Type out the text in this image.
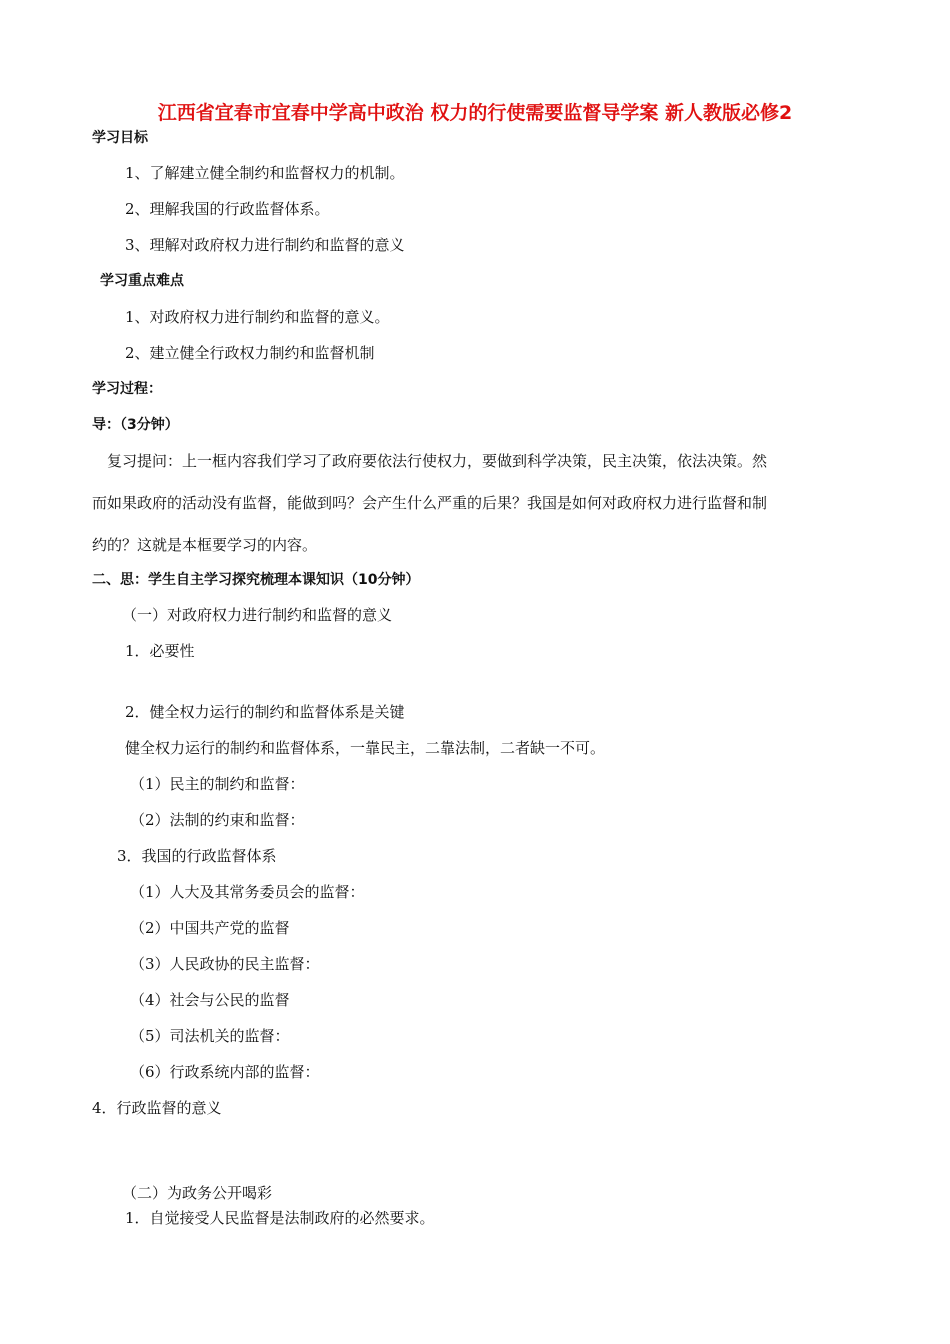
江西省宜春市宜春中学高中政治 权力的行使需要监督导学案 新人教版必修2
学习目标
1、了解建立健全制约和监督权力的机制。
2、理解我国的行政监督体系。
3、理解对政府权力进行制约和监督的意义
学习重点难点
1、对政府权力进行制约和监督的意义。
2、建立健全行政权力制约和监督机制
学习过程：
导：（3分钟）
复习提问：上一框内容我们学习了政府要依法行使权力，要做到科学决策，民主决策，依法决策。然
而如果政府的活动没有监督，能做到吗？会产生什么严重的后果？我国是如何对政府权力进行监督和制
约的？这就是本框要学习的内容。
二、思：学生自主学习探究梳理本课知识（10分钟）
（一）对政府权力进行制约和监督的意义
1．必要性
2．健全权力运行的制约和监督体系是关键
健全权力运行的制约和监督体系，一靠民主，二靠法制，二者缺一不可。
（1）民主的制约和监督：
（2）法制的约束和监督：
3．我国的行政监督体系
（1）人大及其常务委员会的监督：
（2）中国共产党的监督
（3）人民政协的民主监督：
（4）社会与公民的监督
（5）司法机关的监督：
（6）行政系统内部的监督：
4．行政监督的意义
（二）为政务公开喝彩
1．自觉接受人民监督是法制政府的必然要求。
